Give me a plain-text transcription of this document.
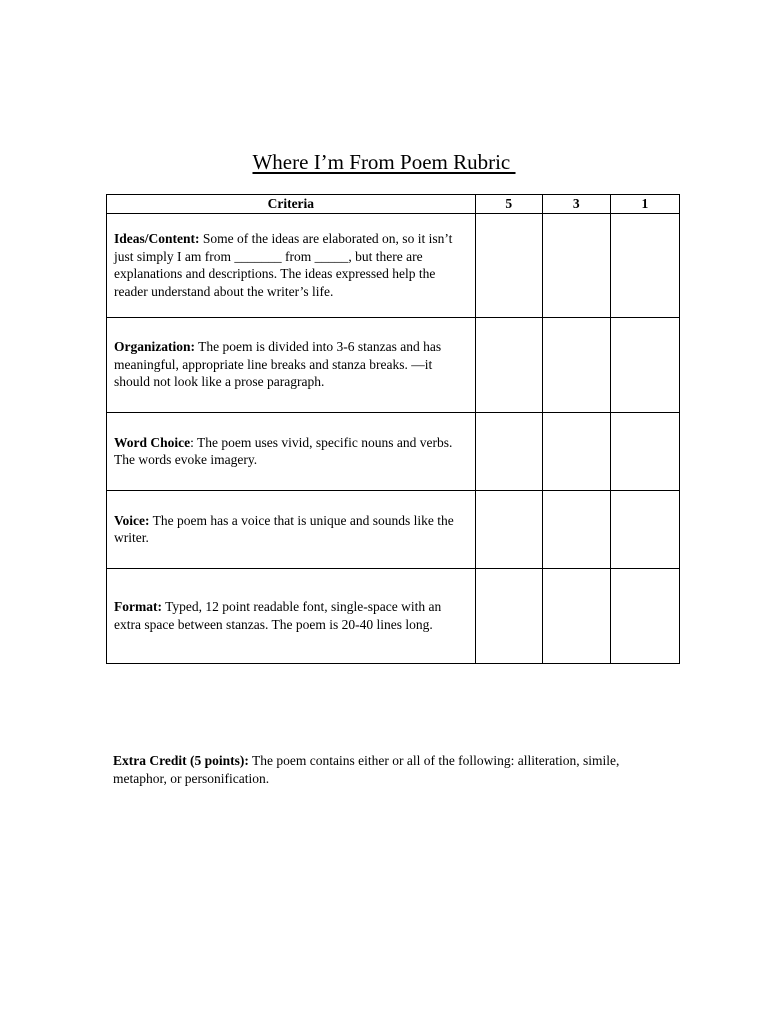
Where I’m From Poem Rubric
Criteria	5	3	1
Ideas/Content: Some of the ideas are elaborated on, so it isn’t just simply I am from _______ from _____, but there are explanations and descriptions. The ideas expressed help the reader understand about the writer’s life.			
Organization: The poem is divided into 3-6 stanzas and has meaningful, appropriate line breaks and stanza breaks. —it should not look like a prose paragraph.			
Word Choice: The poem uses vivid, specific nouns and verbs. The words evoke imagery.			
Voice: The poem has a voice that is unique and sounds like the writer.			
Format: Typed, 12 point readable font, single-space with an extra space between stanzas. The poem is 20-40 lines long.			
Extra Credit (5 points): The poem contains either or all of the following: alliteration, simile, metaphor, or personification.
